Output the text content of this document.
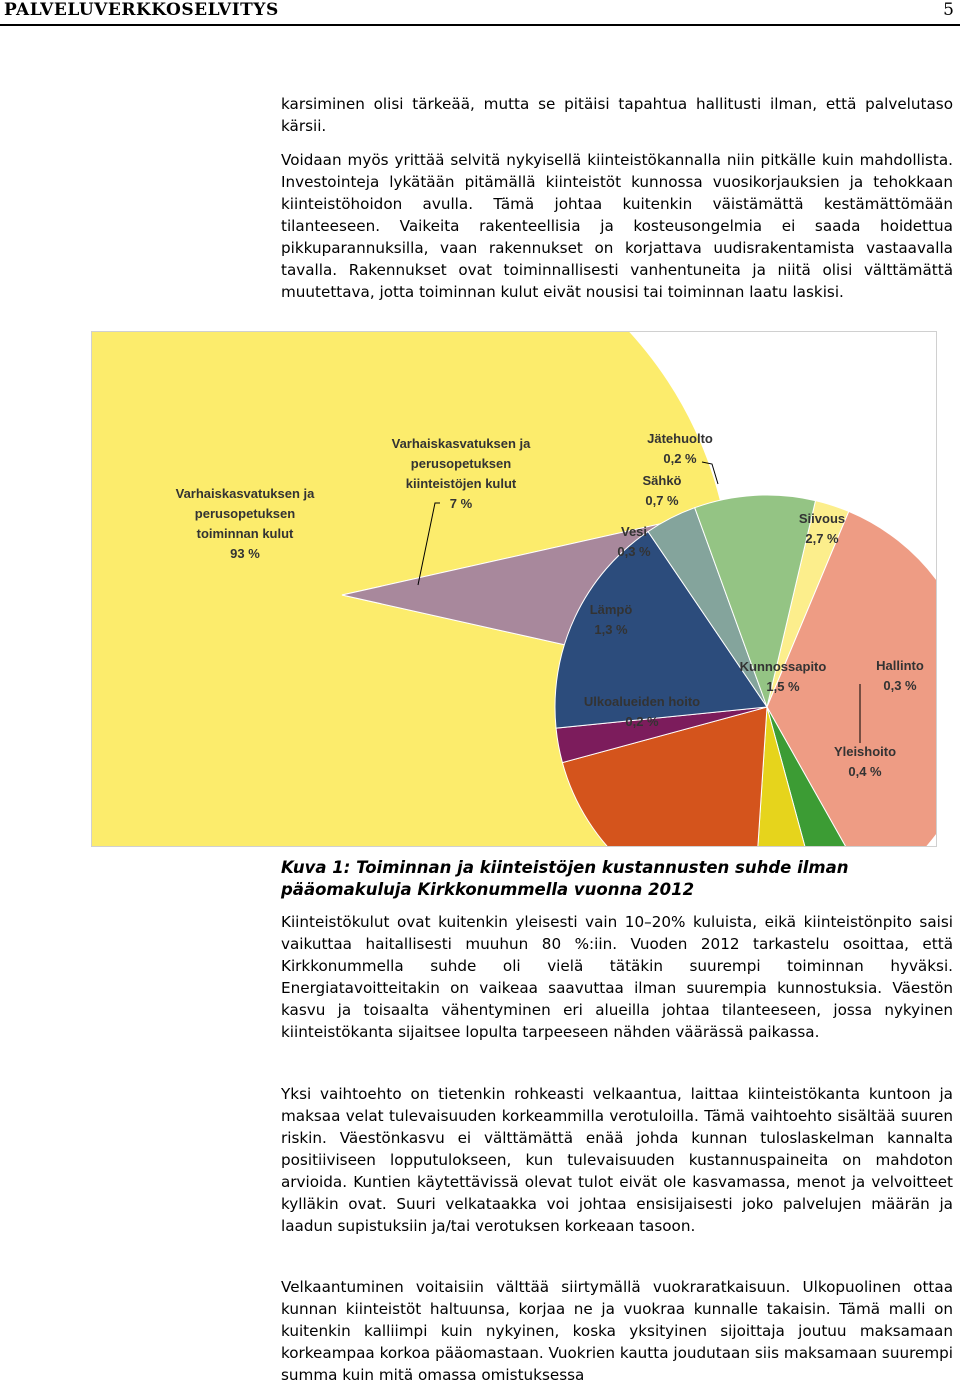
PALVELUVERKKOSELVITYS	5

karsiminen olisi tärkeää, mutta se pitäisi tapahtua hallitusti ilman, että palvelutaso kärsii.

Voidaan myös yrittää selvitä nykyisellä kiinteistökannalla niin pitkälle kuin mahdollista. Investointeja lykätään pitämällä kiinteistöt kunnossa vuosikorjauksien ja tehokkaan kiinteistöhoidon avulla. Tämä johtaa kuitenkin väistämättä kestämättömään tilanteeseen. Vaikeita rakenteellisia ja kosteusongelmia ei saada hoidettua pikkuparannuksilla, vaan rakennukset on korjattava uudisrakentamista vastaavalla tavalla. Rakennukset ovat toiminnallisesti vanhentuneita ja niitä olisi välttämättä muutettava, jotta toiminnan kulut eivät nousisi tai toiminnan laatu laskisi.

Varhaiskasvatuksen ja perusopetuksen toiminnan kulut 93 %
Varhaiskasvatuksen ja perusopetuksen kiinteistöjen kulut 7 %
Jätehuolto 0,2 %
Siivous 2,7 %
Hallinto 0,3 %
Yleishoito 0,4 %
Kunnossapito 1,5 %
Ulkoalueiden hoito 0,2 %
Lämpö 1,3 %
Vesi 0,3 %
Sähkö 0,7 %
Kuva 1: Toiminnan ja kiinteistöjen kustannusten suhde ilman pääomakuluja Kirkkonummella vuonna 2012

Kiinteistökulut ovat kuitenkin yleisesti vain 10–20% kuluista, eikä kiinteistönpito saisi vaikuttaa haitallisesti muuhun 80 %:iin. Vuoden 2012 tarkastelu osoittaa, että Kirkkonummella suhde oli vielä tätäkin suurempi toiminnan hyväksi. Energiatavoitteitakin on vaikeaa saavuttaa ilman suurempia kunnostuksia. Väestön kasvu ja toisaalta vähentyminen eri alueilla johtaa tilanteeseen, jossa nykyinen kiinteistökanta sijaitsee lopulta tarpeeseen nähden väärässä paikassa.

Yksi vaihtoehto on tietenkin rohkeasti velkaantua, laittaa kiinteistökanta kuntoon ja maksaa velat tulevaisuuden korkeammilla verotuloilla. Tämä vaihtoehto sisältää suuren riskin. Väestönkasvu ei välttämättä enää johda kunnan tuloslaskelman kannalta positiiviseen lopputulokseen, kun tulevaisuuden kustannuspaineita on mahdoton arvioida. Kuntien käytettävissä olevat tulot eivät ole kasvamassa, menot ja velvoitteet kylläkin ovat. Suuri velkataakka voi johtaa ensisijaisesti joko palvelujen määrän ja laadun supistuksiin ja/tai verotuksen korkeaan tasoon.

Velkaantuminen voitaisiin välttää siirtymällä vuokraratkaisuun. Ulkopuolinen ottaa kunnan kiinteistöt haltuunsa, korjaa ne ja vuokraa kunnalle takaisin. Tämä malli on kuitenkin kalliimpi kuin nykyinen, koska yksityinen sijoittaja joutuu maksamaan korkeampaa korkoa pääomastaan. Vuokrien kautta joudutaan siis maksamaan suurempi summa kuin mitä omassa omistuksessa
